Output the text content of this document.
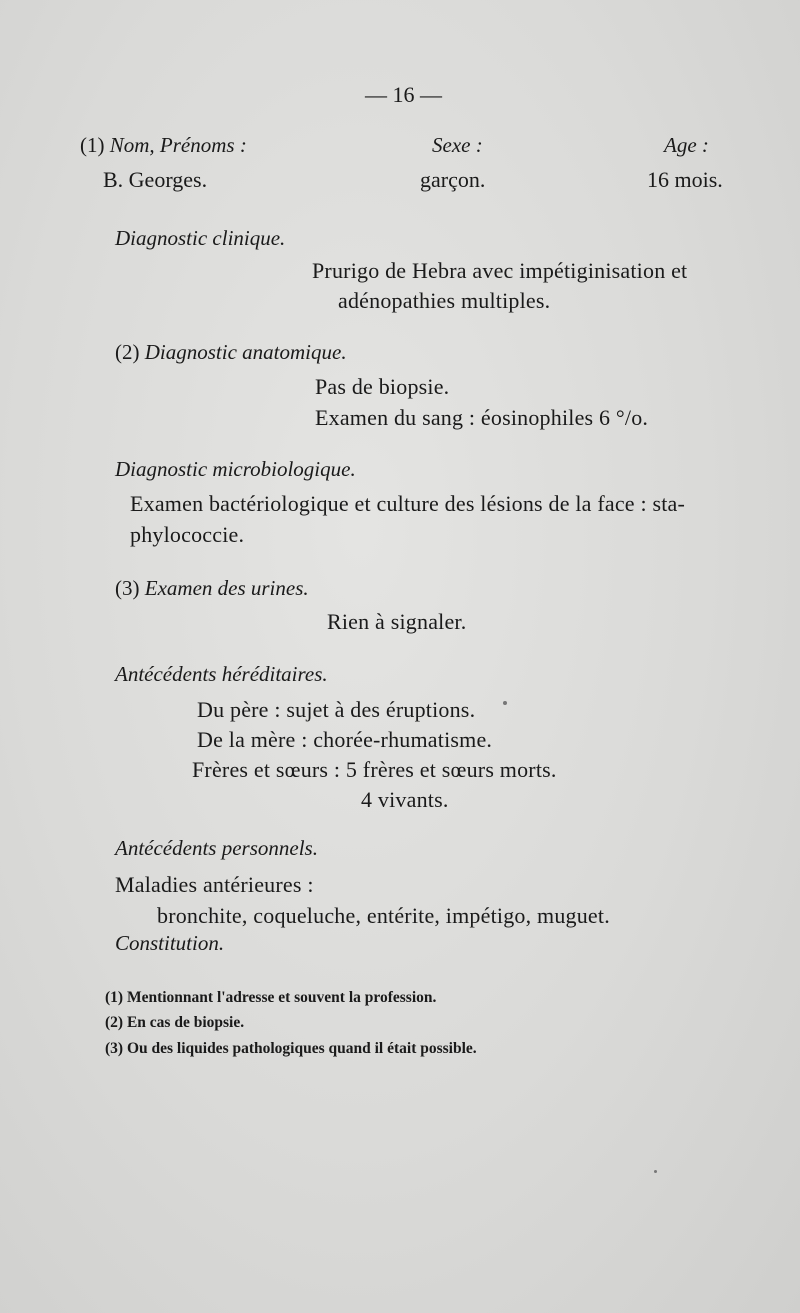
— 16 —
(1) Nom, Prénoms :	Sexe :	Age :
B. Georges.	garçon.	16 mois.
Diagnostic clinique.
Prurigo de Hebra avec impétiginisation et
adénopathies multiples.
(2) Diagnostic anatomique.
Pas de biopsie.
Examen du sang : éosinophiles 6 °/o.
Diagnostic microbiologique.
Examen bactériologique et culture des lésions de la face : sta-
phylococcie.
(3) Examen des urines.
Rien à signaler.
Antécédents héréditaires.
Du père : sujet à des éruptions.
De la mère : chorée-rhumatisme.
Frères et sœurs : 5 frères et sœurs morts.
4 vivants.
Antécédents personnels.
Maladies antérieures :
bronchite, coqueluche, entérite, impétigo, muguet.
Constitution.
(1) Mentionnant l'adresse et souvent la profession.
(2) En cas de biopsie.
(3) Ou des liquides pathologiques quand il était possible.
